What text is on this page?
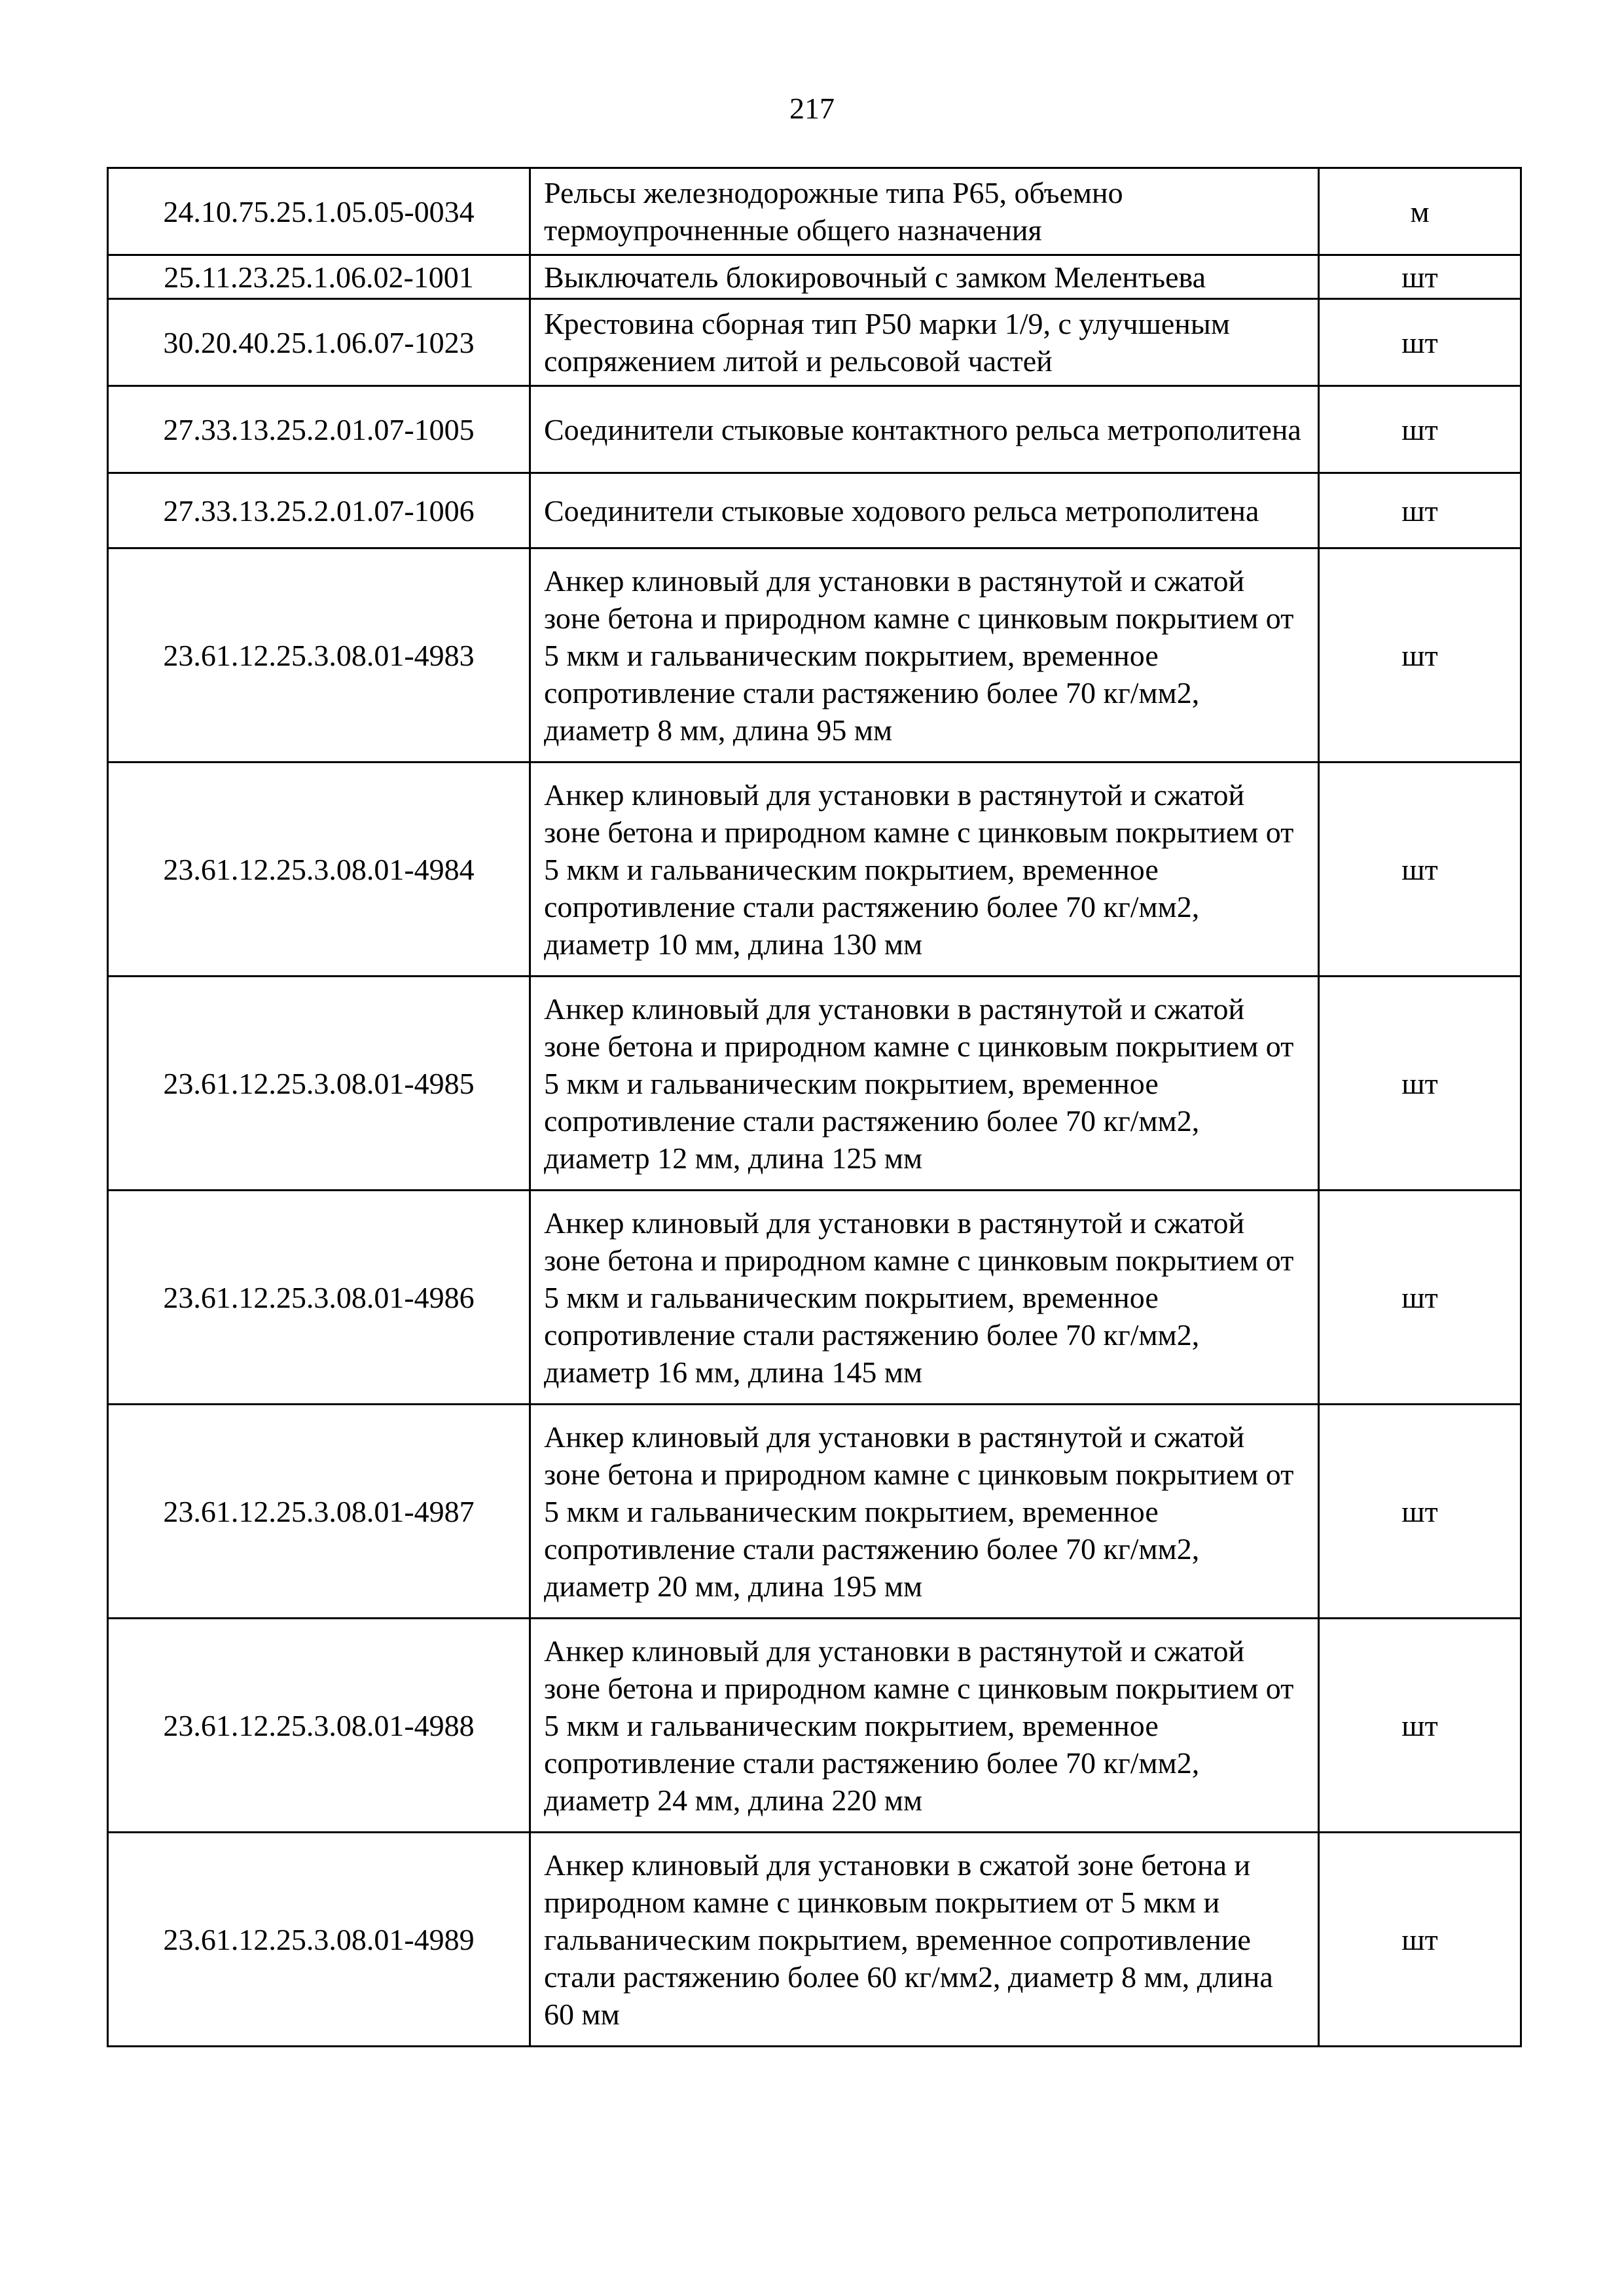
217
24.10.75.25.1.05.05-0034	Рельсы железнодорожные типа Р65, объемно термоупрочненные общего назначения	м
25.11.23.25.1.06.02-1001	Выключатель блокировочный с замком Мелентьева	шт
30.20.40.25.1.06.07-1023	Крестовина сборная тип Р50 марки 1/9, с улучшеным сопряжением литой и рельсовой частей	шт
27.33.13.25.2.01.07-1005	Соединители стыковые контактного рельса метрополитена	шт
27.33.13.25.2.01.07-1006	Соединители стыковые ходового рельса метрополитена	шт
23.61.12.25.3.08.01-4983	Анкер клиновый для установки в растянутой и сжатой зоне бетона и природном камне с цинковым покрытием от 5 мкм и гальваническим покрытием, временное сопротивление стали растяжению более 70 кг/мм2, диаметр 8 мм, длина 95 мм	шт
23.61.12.25.3.08.01-4984	Анкер клиновый для установки в растянутой и сжатой зоне бетона и природном камне с цинковым покрытием от 5 мкм и гальваническим покрытием, временное сопротивление стали растяжению более 70 кг/мм2, диаметр 10 мм, длина 130 мм	шт
23.61.12.25.3.08.01-4985	Анкер клиновый для установки в растянутой и сжатой зоне бетона и природном камне с цинковым покрытием от 5 мкм и гальваническим покрытием, временное сопротивление стали растяжению более 70 кг/мм2, диаметр 12 мм, длина 125 мм	шт
23.61.12.25.3.08.01-4986	Анкер клиновый для установки в растянутой и сжатой зоне бетона и природном камне с цинковым покрытием от 5 мкм и гальваническим покрытием, временное сопротивление стали растяжению более 70 кг/мм2, диаметр 16 мм, длина 145 мм	шт
23.61.12.25.3.08.01-4987	Анкер клиновый для установки в растянутой и сжатой зоне бетона и природном камне с цинковым покрытием от 5 мкм и гальваническим покрытием, временное сопротивление стали растяжению более 70 кг/мм2, диаметр 20 мм, длина 195 мм	шт
23.61.12.25.3.08.01-4988	Анкер клиновый для установки в растянутой и сжатой зоне бетона и природном камне с цинковым покрытием от 5 мкм и гальваническим покрытием, временное сопротивление стали растяжению более 70 кг/мм2, диаметр 24 мм, длина 220 мм	шт
23.61.12.25.3.08.01-4989	Анкер клиновый для установки в сжатой зоне бетона и природном камне с цинковым покрытием от 5 мкм и гальваническим покрытием, временное сопротивление стали растяжению более 60 кг/мм2, диаметр 8 мм, длина 60 мм	шт
